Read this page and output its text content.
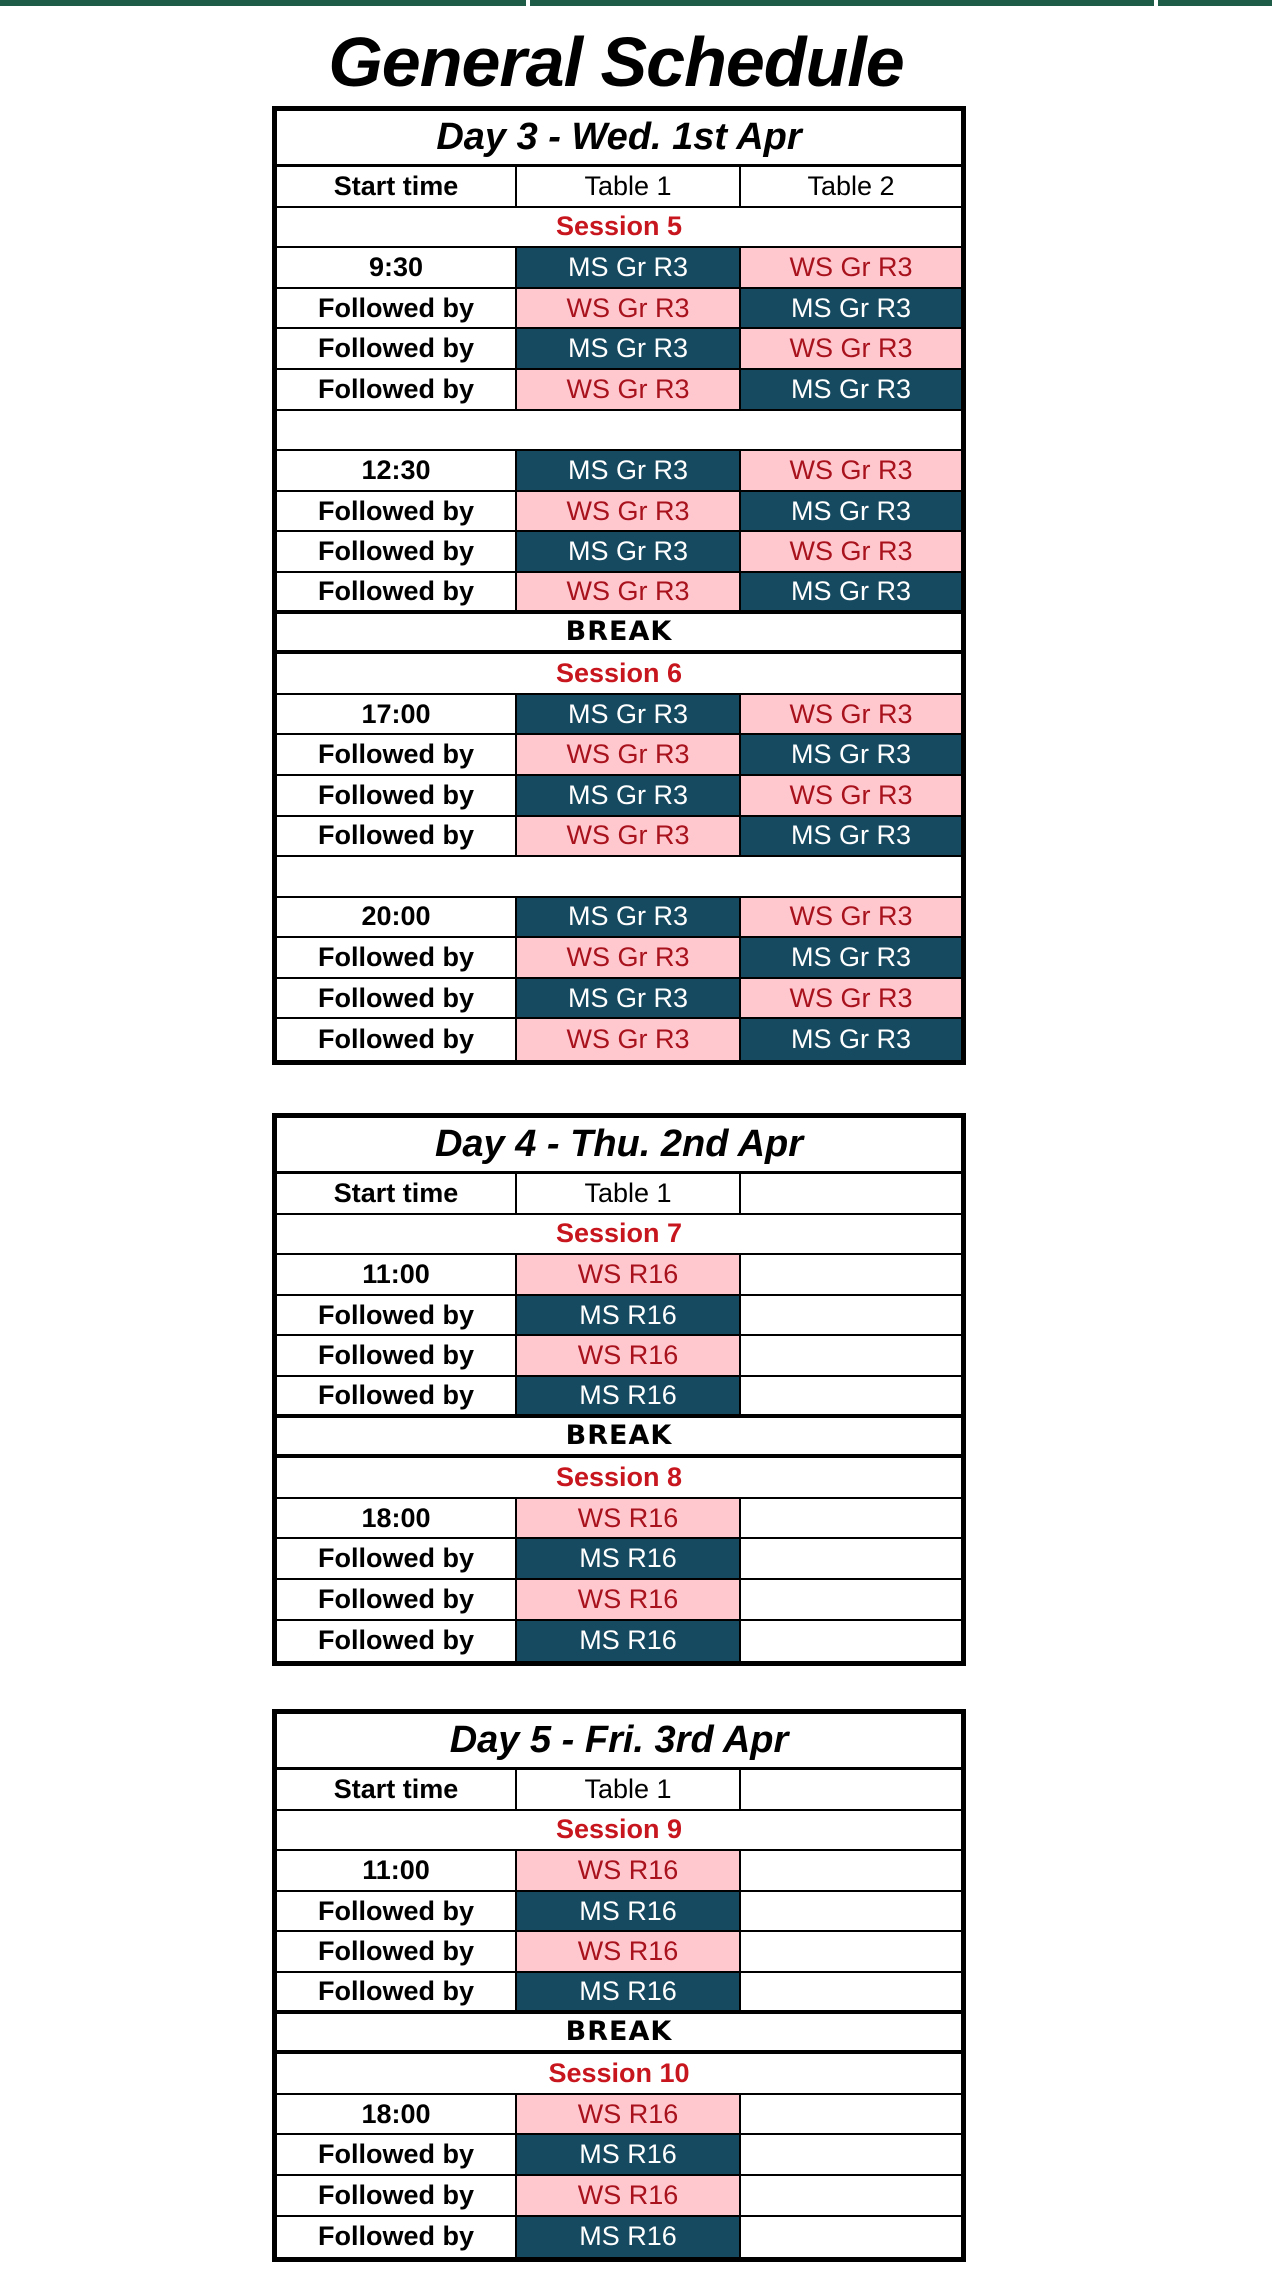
General Schedule
Day 3 - Wed. 1st Apr
Start time	Table 1	Table 2
Session 5
9:30	MS Gr R3	WS Gr R3
Followed by	WS Gr R3	MS Gr R3
Followed by	MS Gr R3	WS Gr R3
Followed by	WS Gr R3	MS Gr R3
12:30	MS Gr R3	WS Gr R3
Followed by	WS Gr R3	MS Gr R3
Followed by	MS Gr R3	WS Gr R3
Followed by	WS Gr R3	MS Gr R3
BREAK
Session 6
17:00	MS Gr R3	WS Gr R3
Followed by	WS Gr R3	MS Gr R3
Followed by	MS Gr R3	WS Gr R3
Followed by	WS Gr R3	MS Gr R3
20:00	MS Gr R3	WS Gr R3
Followed by	WS Gr R3	MS Gr R3
Followed by	MS Gr R3	WS Gr R3
Followed by	WS Gr R3	MS Gr R3
Day 4 - Thu. 2nd Apr
Start time	Table 1
Session 7
11:00	WS R16
Followed by	MS R16
Followed by	WS R16
Followed by	MS R16
BREAK
Session 8
18:00	WS R16
Followed by	MS R16
Followed by	WS R16
Followed by	MS R16
Day 5 - Fri. 3rd Apr
Start time	Table 1
Session 9
11:00	WS R16
Followed by	MS R16
Followed by	WS R16
Followed by	MS R16
BREAK
Session 10
18:00	WS R16
Followed by	MS R16
Followed by	WS R16
Followed by	MS R16
